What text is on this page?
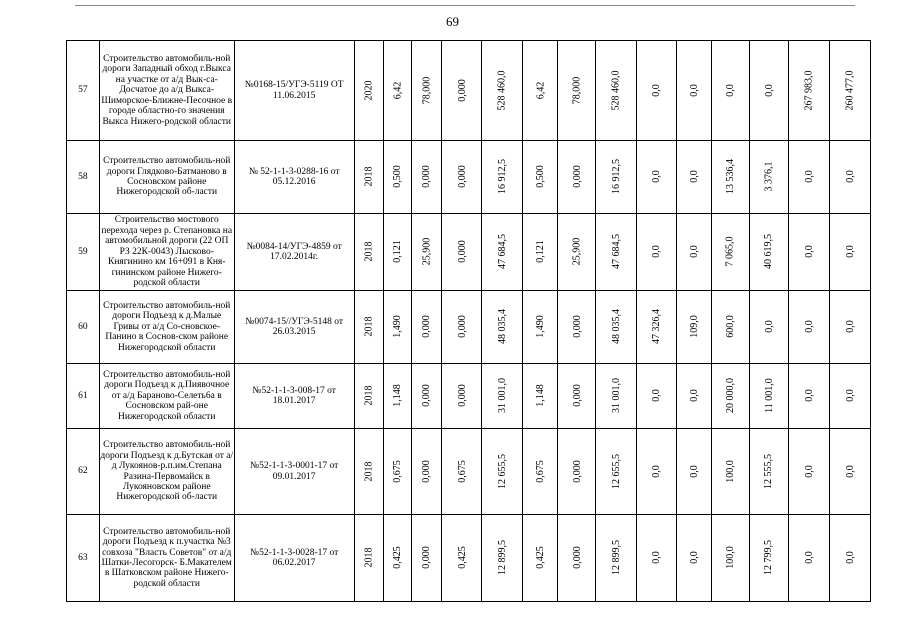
69
57	Строительство автомобиль-ной дороги Западный обход г.Выкса на участке от а/д Вык-са-Досчатое до а/д Выкса-Шиморское-Ближне-Песочное в городе областно-го значения Выкса Нижего-родской области	№0168-15/УГЭ-5119 ОТ 11.06.2015	2020	6,42	78,000	0,000	528 460,0	6,42	78,000	528 460,0	0,0	0,0	0,0	0,0	267 983,0	260 477,0
58	Строительство автомобиль-ной дороги Глядково-Батманово в Сосновском районе Нижегородской об-ласти	№ 52-1-1-3-0288-16 от 05.12.2016	2018	0,500	0,000	0,000	16 912,5	0,500	0,000	16 912,5	0,0	0,0	13 536,4	3 376,1	0,0	0,0
59	Строительство мостового перехода через р. Степановка на автомобильной дороги (22 ОП РЗ 22К-0043) Лысково-Княгинино км 16+091 в Кня-гининском районе Нижего-родской области	№0084-14/УГЭ-4859 от 17.02.2014г.	2018	0,121	25,900	0,000	47 684,5	0,121	25,900	47 684,5	0,0	0,0	7 065,0	40 619,5	0,0	0,0
60	Строительство автомобиль-ной дороги Подъезд к д.Малые Гривы от а/д Со-сновское-Панино в Соснов-ском районе Нижегородской области	№0074-15//УГЭ-5148 от 26.03.2015	2018	1,490	0,000	0,000	48 035,4	1,490	0,000	48 035,4	47 326,4	109,0	600,0	0,0	0,0	0,0
61	Строительство автомобиль-ной дороги Подъезд к д.Пиявочное от а/д Бараново-Селеть6а в Сосновском рай-оне Нижегородской области	№52-1-1-3-008-17 от 18.01.2017	2018	1,148	0,000	0,000	31 001,0	1,148	0,000	31 001,0	0,0	0,0	20 000,0	11 001,0	0,0	0,0
62	Строительство автомобиль-ной дороги Подъезд к д.Бутская от а/д Лукоянов-р.п.им.Степана Разина-Первомайск в Лукояновском районе Нижегородской об-ласти	№52-1-1-3-0001-17 от 09.01.2017	2018	0,675	0,000	0,675	12 655,5	0,675	0,000	12 655,5	0,0	0,0	100,0	12 555,5	0,0	0,0
63	Строительство автомобиль-ной дороги Подъезд к п.участка №3 совхоза "Власть Советов" от а/д Шатки-Лесогорск- Б.Макателем в Шатковском районе Нижего-родской области	№52-1-1-3-0028-17 от 06.02.2017	2018	0,425	0,000	0,425	12 899,5	0,425	0,000	12 899,5	0,0	0,0	100,0	12 799,5	0,0	0,0
